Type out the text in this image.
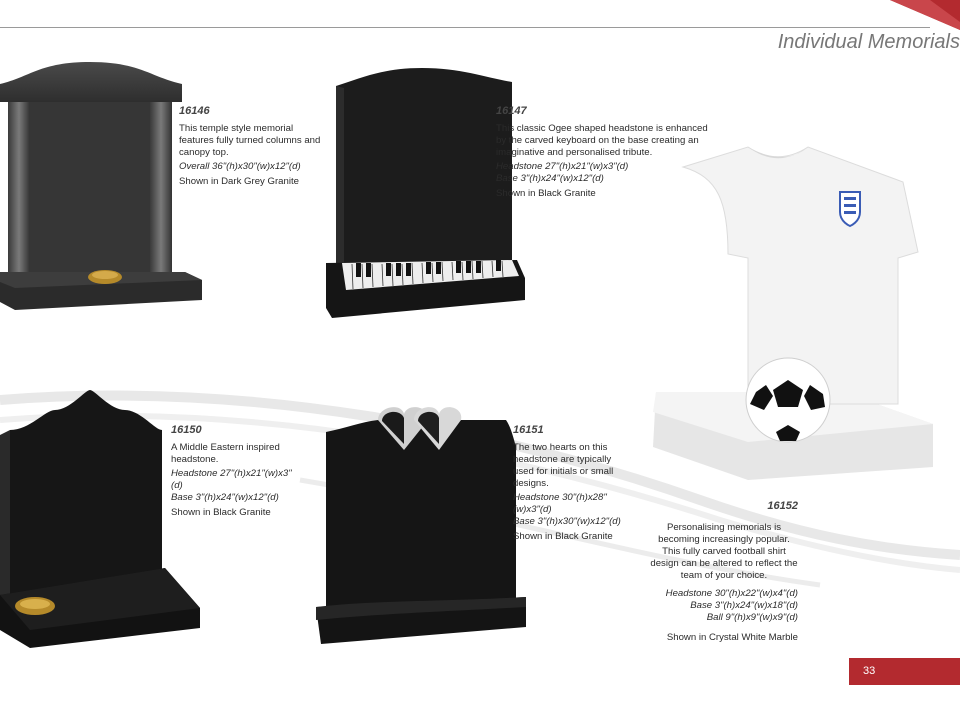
Individual Memorials
16146
This temple style memorial features fully turned columns and canopy top.
Overall 36"(h)x30"(w)x12"(d)
Shown in Dark Grey Granite
16147
This classic Ogee shaped headstone is enhanced by the carved keyboard on the base creating an imaginative and personalised tribute.
Headstone 27"(h)x21"(w)x3"(d)
Base 3"(h)x24"(w)x12"(d)
Shown in Black Granite
16150
A Middle Eastern inspired headstone.
Headstone 27"(h)x21"(w)x3"(d)
Base 3"(h)x24"(w)x12"(d)
Shown in Black Granite
16151
The two hearts on this headstone are typically used for initials or small designs.
Headstone 30"(h)x28"(w)x3"(d)
Base 3"(h)x30"(w)x12"(d)
Shown in Black Granite
16152
Personalising memorials is becoming increasingly popular. This fully carved football shirt design can be altered to reflect the team of your choice.
Headstone 30"(h)x22"(w)x4"(d)
Base 3"(h)x24"(w)x18"(d)
Ball 9"(h)x9"(w)x9"(d)
Shown in Crystal White Marble
33
